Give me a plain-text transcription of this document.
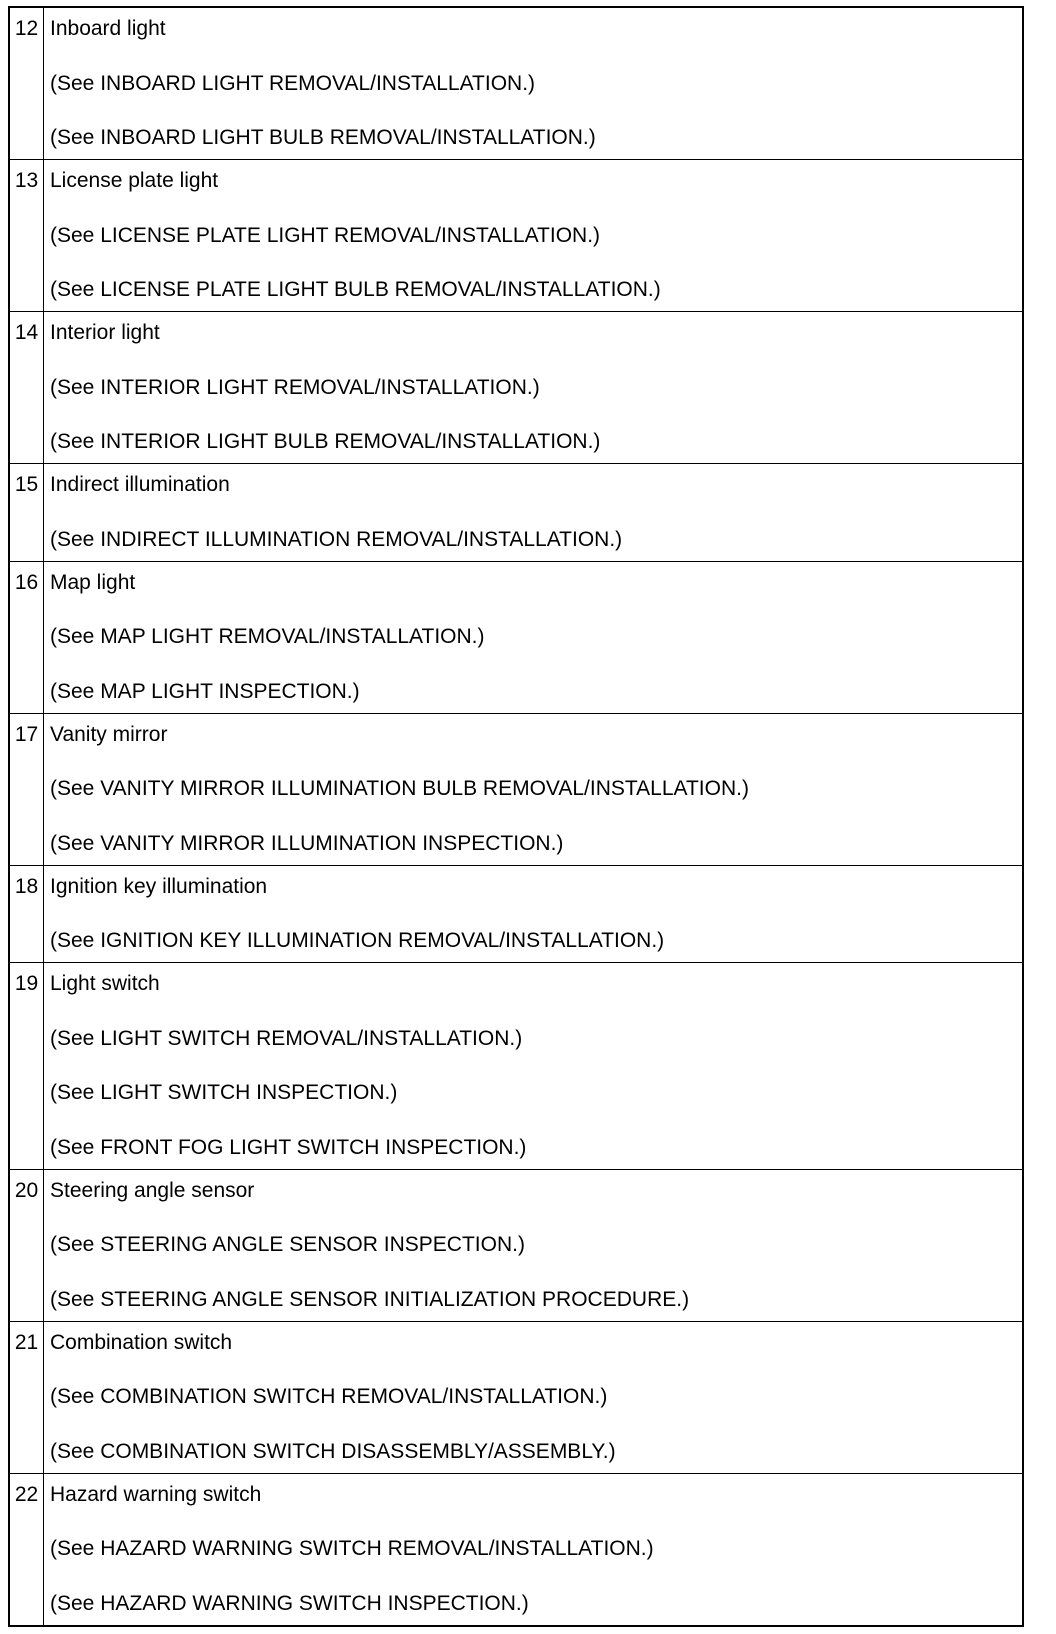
12 Inboard light
(See INBOARD LIGHT REMOVAL/INSTALLATION.)
(See INBOARD LIGHT BULB REMOVAL/INSTALLATION.)
13 License plate light
(See LICENSE PLATE LIGHT REMOVAL/INSTALLATION.)
(See LICENSE PLATE LIGHT BULB REMOVAL/INSTALLATION.)
14 Interior light
(See INTERIOR LIGHT REMOVAL/INSTALLATION.)
(See INTERIOR LIGHT BULB REMOVAL/INSTALLATION.)
15 Indirect illumination
(See INDIRECT ILLUMINATION REMOVAL/INSTALLATION.)
16 Map light
(See MAP LIGHT REMOVAL/INSTALLATION.)
(See MAP LIGHT INSPECTION.)
17 Vanity mirror
(See VANITY MIRROR ILLUMINATION BULB REMOVAL/INSTALLATION.)
(See VANITY MIRROR ILLUMINATION INSPECTION.)
18 Ignition key illumination
(See IGNITION KEY ILLUMINATION REMOVAL/INSTALLATION.)
19 Light switch
(See LIGHT SWITCH REMOVAL/INSTALLATION.)
(See LIGHT SWITCH INSPECTION.)
(See FRONT FOG LIGHT SWITCH INSPECTION.)
20 Steering angle sensor
(See STEERING ANGLE SENSOR INSPECTION.)
(See STEERING ANGLE SENSOR INITIALIZATION PROCEDURE.)
21 Combination switch
(See COMBINATION SWITCH REMOVAL/INSTALLATION.)
(See COMBINATION SWITCH DISASSEMBLY/ASSEMBLY.)
22 Hazard warning switch
(See HAZARD WARNING SWITCH REMOVAL/INSTALLATION.)
(See HAZARD WARNING SWITCH INSPECTION.)
